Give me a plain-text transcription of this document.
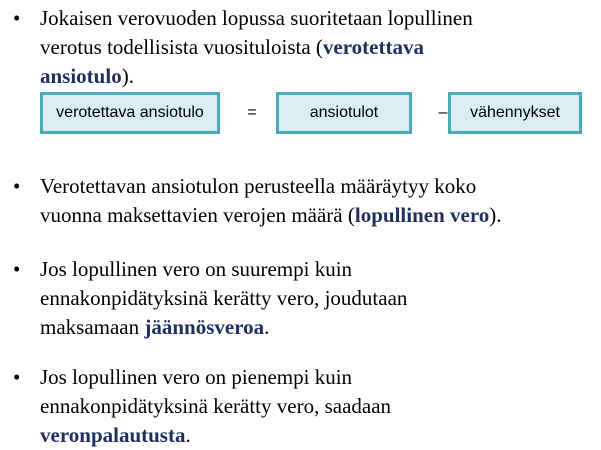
• Jokaisen verovuoden lopussa suoritetaan lopullinen
verotus todellisista vuosituloista (verotettava
ansiotulo).
verotettava ansiotulo	=	ansiotulot	–	vähennykset
• Verotettavan ansiotulon perusteella määräytyy koko
vuonna maksettavien verojen määrä (lopullinen vero).
• Jos lopullinen vero on suurempi kuin
ennakonpidätyksinä kerätty vero, joudutaan
maksamaan jäännösveroa.
• Jos lopullinen vero on pienempi kuin
ennakonpidätyksinä kerätty vero, saadaan
veronpalautusta.
